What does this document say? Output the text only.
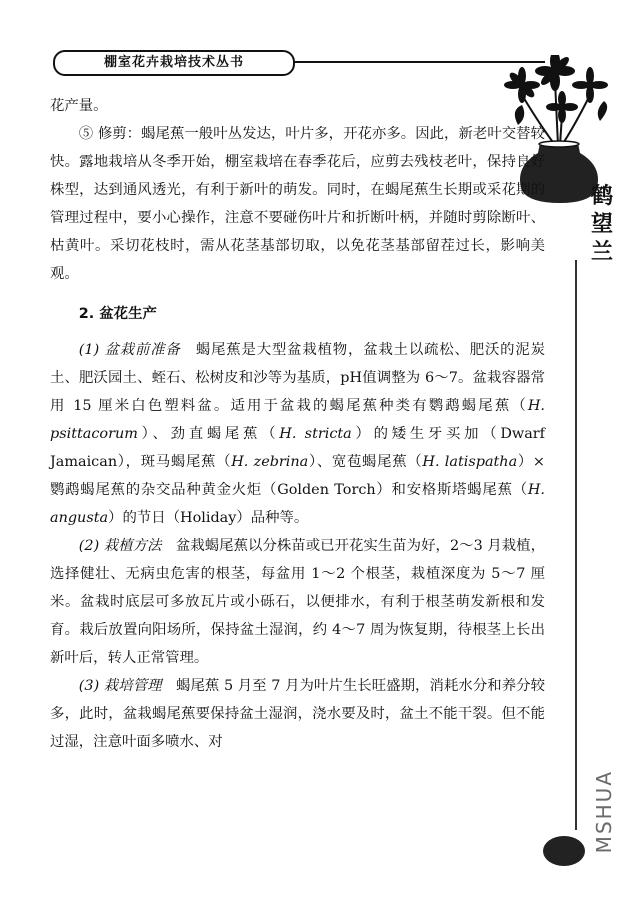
棚室花卉栽培技术丛书
鹤
望
兰

花产量。

⑤ 修剪：蝎尾蕉一般叶丛发达，叶片多，开花亦多。因此，新老叶交替较快。露地栽培从冬季开始，棚室栽培在春季花后，应剪去残枝老叶，保持良好株型，达到通风透光，有利于新叶的萌发。同时，在蝎尾蕉生长期或采花期的管理过程中，要小心操作，注意不要碰伤叶片和折断叶柄，并随时剪除断叶、枯黄叶。采切花枝时，需从花茎基部切取，以免花茎基部留茬过长，影响美观。

2. 盆花生产

(1) 盆栽前准备 蝎尾蕉是大型盆栽植物，盆栽土以疏松、肥沃的泥炭土、肥沃园土、蛭石、松树皮和沙等为基质，pH值调整为 6～7。盆栽容器常用 15 厘米白色塑料盆。适用于盆栽的蝎尾蕉种类有鹦鹉蝎尾蕉（H. psittacorum）、劲直蝎尾蕉（H. stricta）的矮生牙买加（Dwarf Jamaican），斑马蝎尾蕉（H. zebrina）、宽苞蝎尾蕉（H. latispatha）× 鹦鹉蝎尾蕉的杂交品种黄金火炬（Golden Torch）和安格斯塔蝎尾蕉（H. angusta）的节日（Holiday）品种等。

(2) 栽植方法 盆栽蝎尾蕉以分株苗或已开花实生苗为好，2～3 月栽植，选择健壮、无病虫危害的根茎，每盆用 1～2 个根茎，栽植深度为 5～7 厘米。盆栽时底层可多放瓦片或小砾石，以便排水，有利于根茎萌发新根和发育。栽后放置向阳场所，保持盆土湿润，约 4～7 周为恢复期，待根茎上长出新叶后，转人正常管理。

(3) 栽培管理 蝎尾蕉 5 月至 7 月为叶片生长旺盛期，消耗水分和养分较多，此时，盆栽蝎尾蕉要保持盆土湿润，浇水要及时，盆土不能干裂。但不能过湿，注意叶面多喷水、对

MSHUA
